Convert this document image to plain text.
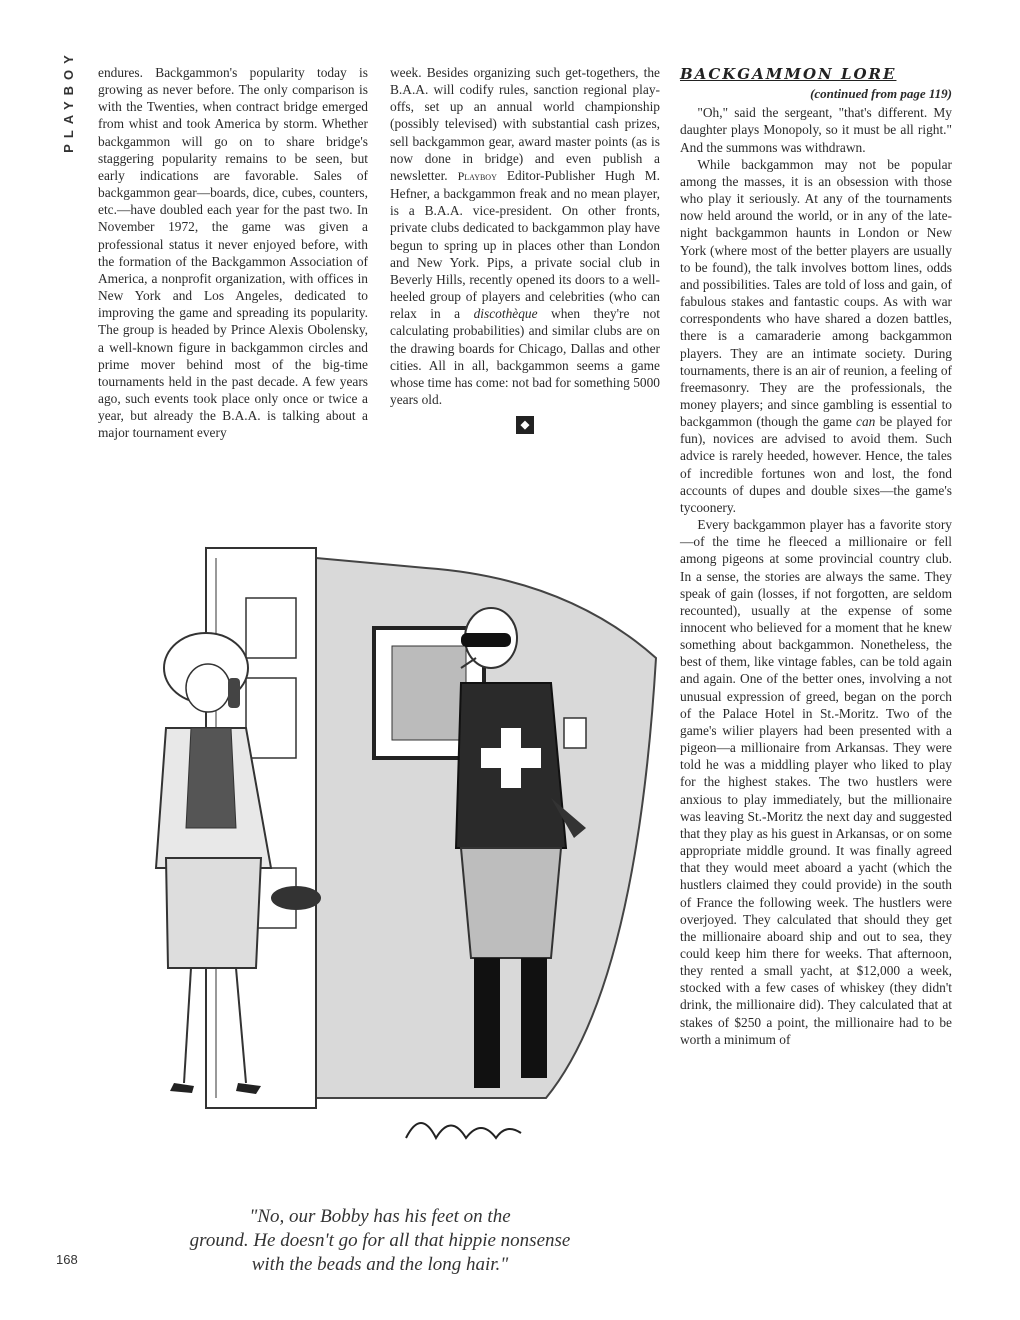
PLAYBOY endures. Backgammon's popularity today is growing as never before. The only comparison is with the Twenties, when contract bridge emerged from whist and took America by storm. Whether backgammon will go on to share bridge's staggering popularity remains to be seen, but early indications are favorable. Sales of backgammon gear—boards, dice, cubes, counters, etc.—have doubled each year for the past two. In November 1972, the game was given a professional status it never enjoyed before, with the formation of the Backgammon Association of America, a nonprofit organization, with offices in New York and Los Angeles, dedicated to improving the game and spreading its popularity. The group is headed by Prince Alexis Obolensky, a well-known figure in backgammon circles and prime mover behind most of the big-time tournaments held in the past decade. A few years ago, such events took place only once or twice a year, but already the B.A.A. is talking about a major tournament every

week. Besides organizing such get-togethers, the B.A.A. will codify rules, sanction regional play-offs, set up an annual world championship (possibly televised) with substantial cash prizes, sell backgammon gear, award master points (as is now done in bridge) and even publish a newsletter. Playboy Editor-Publisher Hugh M. Hefner, a backgammon freak and no mean player, is a B.A.A. vice-president. On other fronts, private clubs dedicated to backgammon play have begun to spring up in places other than London and New York. Pips, a private social club in Beverly Hills, recently opened its doors to a well-heeled group of players and celebrities (who can relax in a discothèque when they're not calculating probabilities) and similar clubs are on the drawing boards for Chicago, Dallas and other cities. All in all, backgammon seems a game whose time has come: not bad for something 5000 years old.

◆
BACKGAMMON LORE
(continued from page 119)

"Oh," said the sergeant, "that's different. My daughter plays Monopoly, so it must be all right." And the summons was withdrawn.

While backgammon may not be popular among the masses, it is an obsession with those who play it seriously. At any of the tournaments now held around the world, or in any of the late-night backgammon haunts in London or New York (where most of the better players are usually to be found), the talk involves bottom lines, odds and possibilities. Tales are told of loss and gain, of fabulous stakes and fantastic coups. As with war correspondents who have shared a dozen battles, there is a camaraderie among backgammon players. They are an intimate society. During tournaments, there is an air of reunion, a feeling of freemasonry. They are the professionals, the money players; and since gambling is essential to backgammon (though the game can be played for fun), novices are advised to avoid them. Such advice is rarely heeded, however. Hence, the tales of incredible fortunes won and lost, the fond accounts of dupes and double sixes—the game's tycoonery.

Every backgammon player has a favorite story—of the time he fleeced a millionaire or fell among pigeons at some provincial country club. In a sense, the stories are always the same. They speak of gain (losses, if not forgotten, are seldom recounted), usually at the expense of some innocent who believed for a moment that he knew something about backgammon. Nonetheless, the best of them, like vintage fables, can be told again and again. One of the better ones, involving a not unusual expression of greed, began on the porch of the Palace Hotel in St.-Moritz. Two of the game's wilier players had been presented with a pigeon—a millionaire from Arkansas. They were told he was a middling player who liked to play for the highest stakes. The two hustlers were anxious to play immediately, but the millionaire was leaving St.-Moritz the next day and suggested that they play as his guest in Arkansas, or on some appropriate middle ground. It was finally agreed that they would meet aboard a yacht (which the hustlers claimed they could provide) in the south of France the following week. The hustlers were overjoyed. They calculated that should they get the millionaire aboard ship and out to sea, they could keep him there for weeks. That afternoon, they rented a small yacht, at $12,000 a week, stocked with a few cases of whiskey (they didn't drink, the millionaire did). They calculated that at stakes of $250 a point, the millionaire had to be worth a minimum of

"No, our Bobby has his feet on the
ground. He doesn't go for all that hippie nonsense
with the beads and the long hair."
168
